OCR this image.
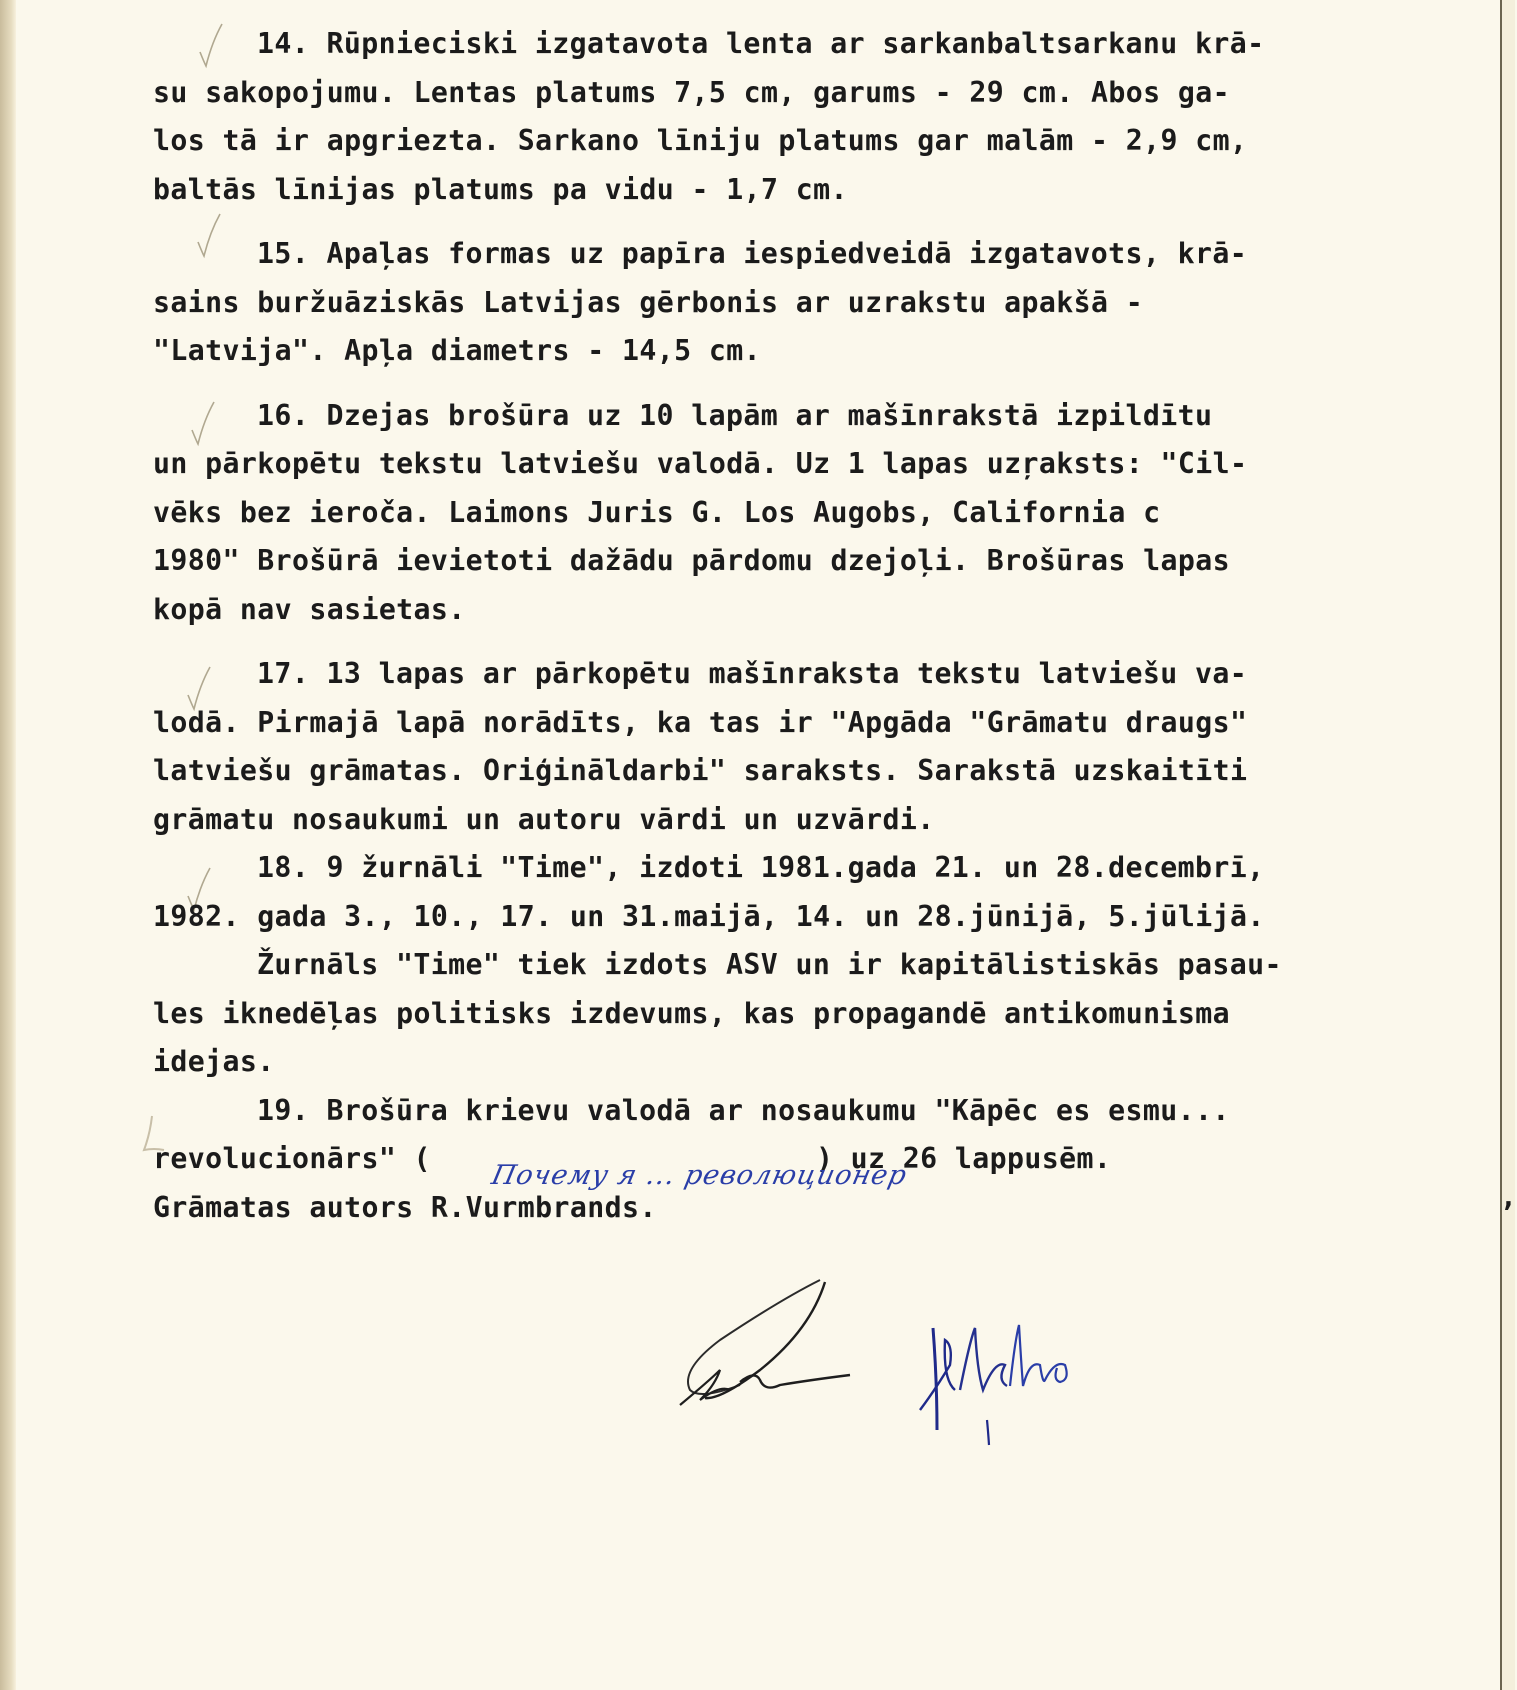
14. Rūpnieciski izgatavota lenta ar sarkanbaltsarkanu krā-
su sakopojumu. Lentas platums 7,5 cm, garums - 29 cm. Abos ga-
los tā ir apgriezta. Sarkano līniju platums gar malām - 2,9 cm,
baltās līnijas platums pa vidu - 1,7 cm.
15. Apaļas formas uz papīra iespiedveidā izgatavots, krā-
sains buržuāziskās Latvijas gērbonis ar uzrakstu apakšā -
"Latvija". Apļa diametrs - 14,5 cm.
16. Dzejas brošūra uz 10 lapām ar mašīnrakstā izpildītu
un pārkopētu tekstu latviešu valodā. Uz 1 lapas uzŗaksts: "Cil-
vēks bez ieroča. Laimons Juris G. Los Augobs, California c
1980" Brošūrā ievietoti dažādu pārdomu dzejoļi. Brošūras lapas
kopā nav sasietas.
17. 13 lapas ar pārkopētu mašīnraksta tekstu latviešu va-
lodā. Pirmajā lapā norādīts, ka tas ir "Apgāda "Grāmatu draugs"
latviešu grāmatas. Oriģināldarbi" saraksts. Sarakstā uzskaitīti
grāmatu nosaukumi un autoru vārdi un uzvārdi.
18. 9 žurnāli "Time", izdoti 1981.gada 21. un 28.decembrī,
1982. gada 3., 10., 17. un 31.maijā, 14. un 28.jūnijā, 5.jūlijā.
Žurnāls "Time" tiek izdots ASV un ir kapitālistiskās pasau-
les iknedēļas politisks izdevums, kas propagandē antikomunisma
idejas.
19. Brošūra krievu valodā ar nosaukumu "Kāpēc es esmu...
revolucionārs" (	) uz 26 lappusēm.
Grāmatas autors R.Vurmbrands.
Почему я ... революционер
,
